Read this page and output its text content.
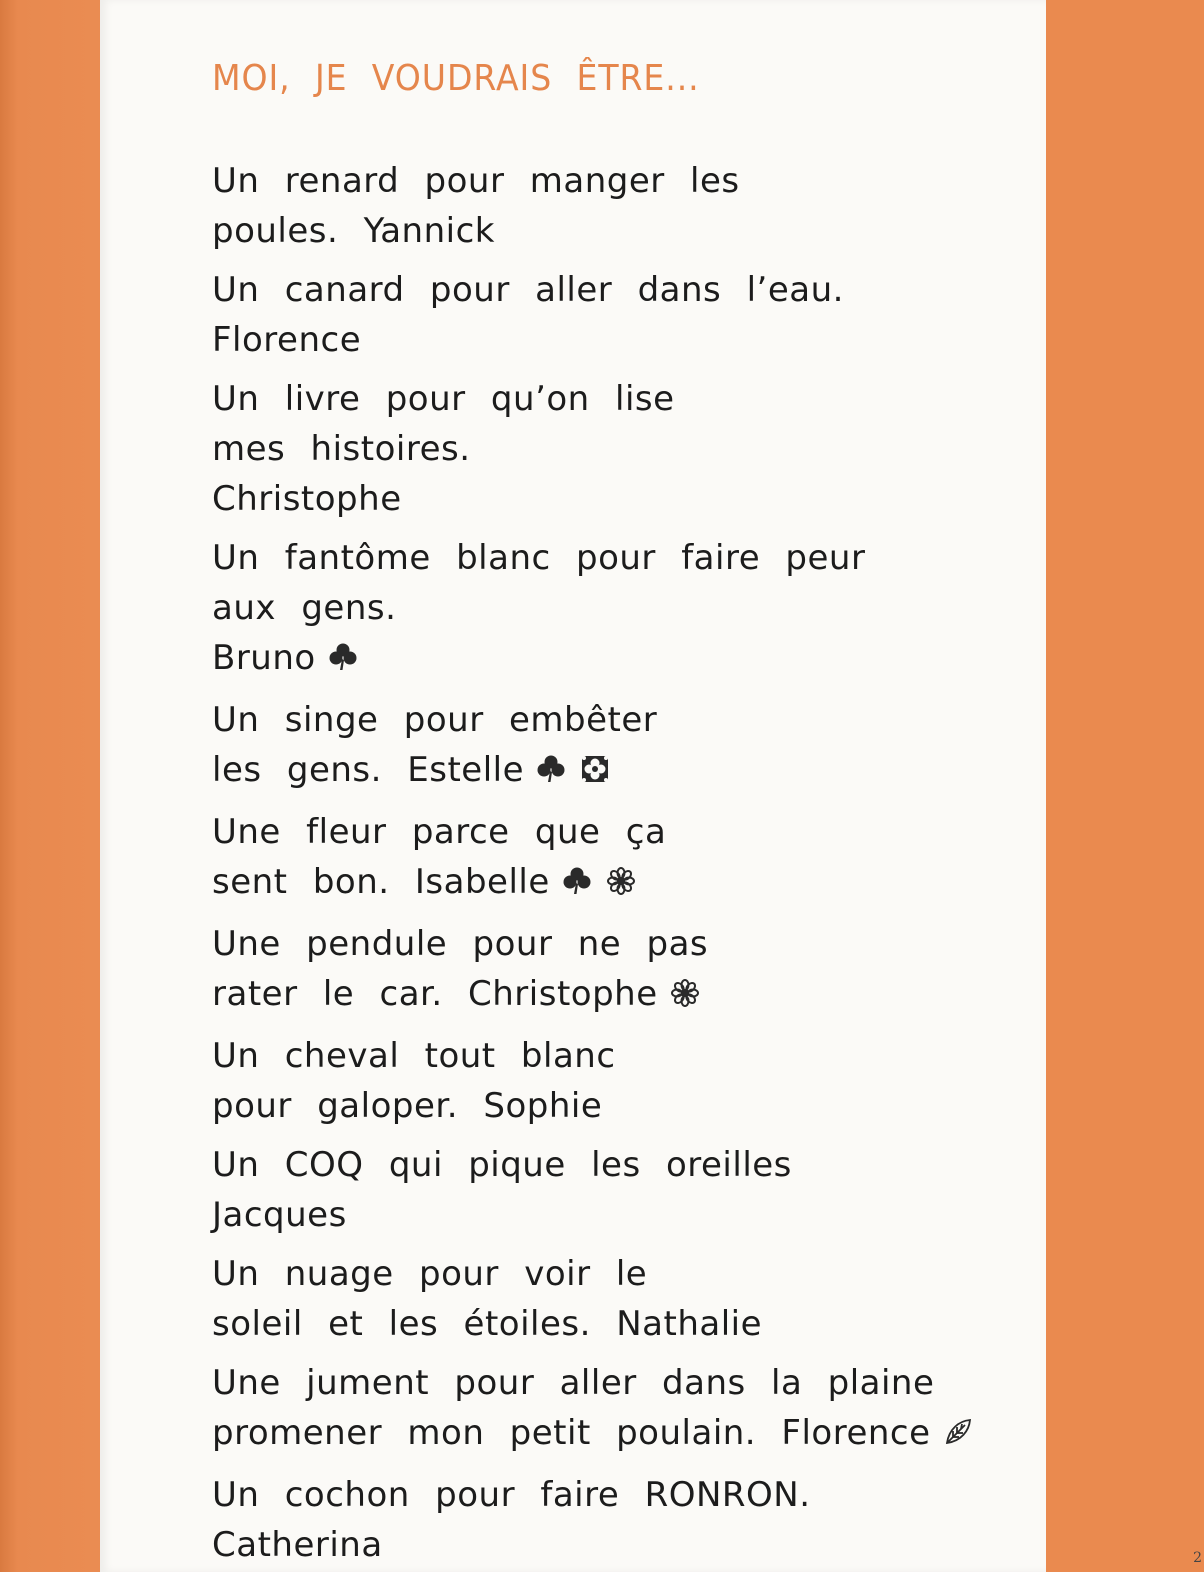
MOI, JE VOUDRAIS ÊTRE...
Un renard pour manger les
poules. Yannick
Un canard pour aller dans l’eau.
Florence
Un livre pour qu’on lise
mes histoires.
Christophe
Un fantôme blanc pour faire peur
aux gens.
Bruno
Un singe pour embêter
les gens. Estelle
Une fleur parce que ça
sent bon. Isabelle
Une pendule pour ne pas
rater le car. Christophe
Un cheval tout blanc
pour galoper. Sophie
Un COQ qui pique les oreilles
Jacques
Un nuage pour voir le
soleil et les étoiles. Nathalie
Une jument pour aller dans la plaine
promener mon petit poulain. Florence
Un cochon pour faire RONRON.
Catherina	2
